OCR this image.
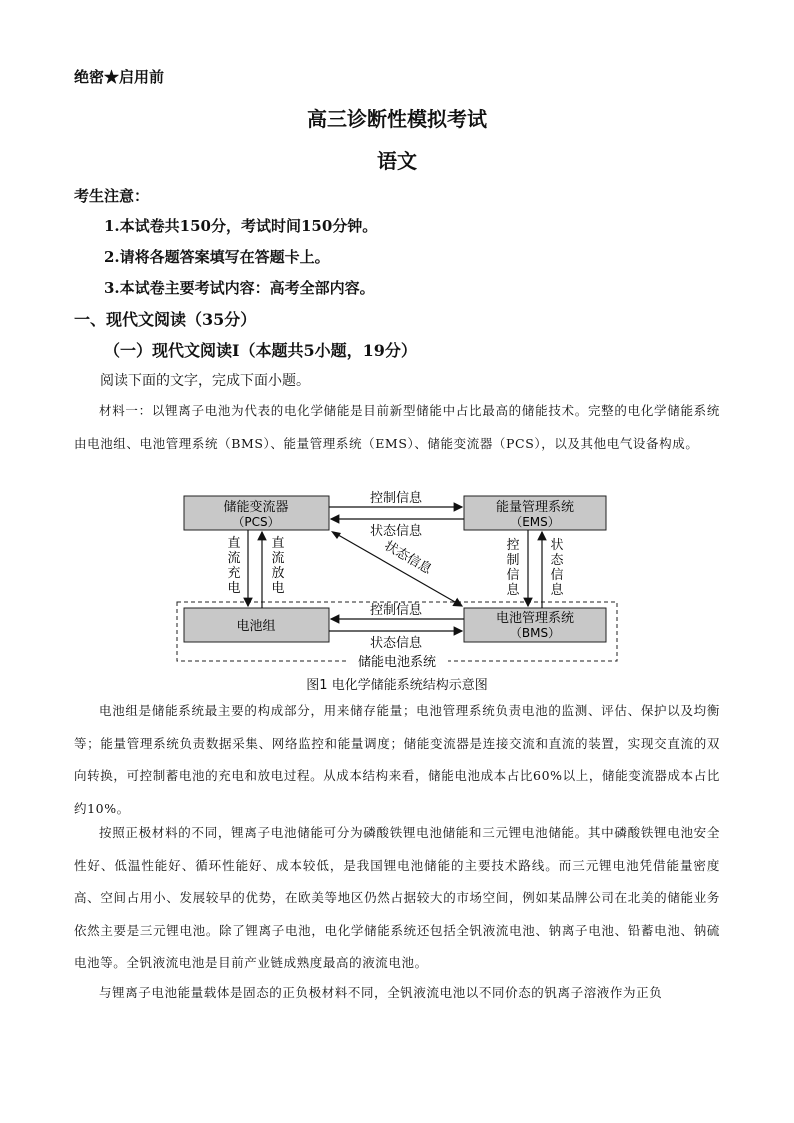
绝密★启用前
高三诊断性模拟考试
语文
考生注意：
1.本试卷共150分，考试时间150分钟。
2.请将各题答案填写在答题卡上。
3.本试卷主要考试内容：高考全部内容。
一、现代文阅读（35分）
（一）现代文阅读Ⅰ（本题共5小题，19分）
阅读下面的文字，完成下面小题。
材料一：以锂离子电池为代表的电化学储能是目前新型储能中占比最高的储能技术。完整的电化学储能系统由电池组、电池管理系统（BMS）、能量管理系统（EMS）、储能变流器（PCS），以及其他电气设备构成。
储能变流器
（PCS）
能量管理系统
（EMS）
电池组
电池管理系统
（BMS）
控制信息
状态信息
控制信息
状态信息
直流充电
直流放电
控制信息
状态信息
状态信息
储能电池系统
图1 电化学储能系统结构示意图
电池组是储能系统最主要的构成部分，用来储存能量；电池管理系统负责电池的监测、评估、保护以及均衡等；能量管理系统负责数据采集、网络监控和能量调度；储能变流器是连接交流和直流的装置，实现交直流的双向转换，可控制蓄电池的充电和放电过程。从成本结构来看，储能电池成本占比60%以上，储能变流器成本占比约10%。
按照正极材料的不同，锂离子电池储能可分为磷酸铁锂电池储能和三元锂电池储能。其中磷酸铁锂电池安全性好、低温性能好、循环性能好、成本较低，是我国锂电池储能的主要技术路线。而三元锂电池凭借能量密度高、空间占用小、发展较早的优势，在欧美等地区仍然占据较大的市场空间，例如某品牌公司在北美的储能业务依然主要是三元锂电池。除了锂离子电池，电化学储能系统还包括全钒液流电池、钠离子电池、铅蓄电池、钠硫电池等。全钒液流电池是目前产业链成熟度最高的液流电池。
与锂离子电池能量载体是固态的正负极材料不同，全钒液流电池以不同价态的钒离子溶液作为正负
